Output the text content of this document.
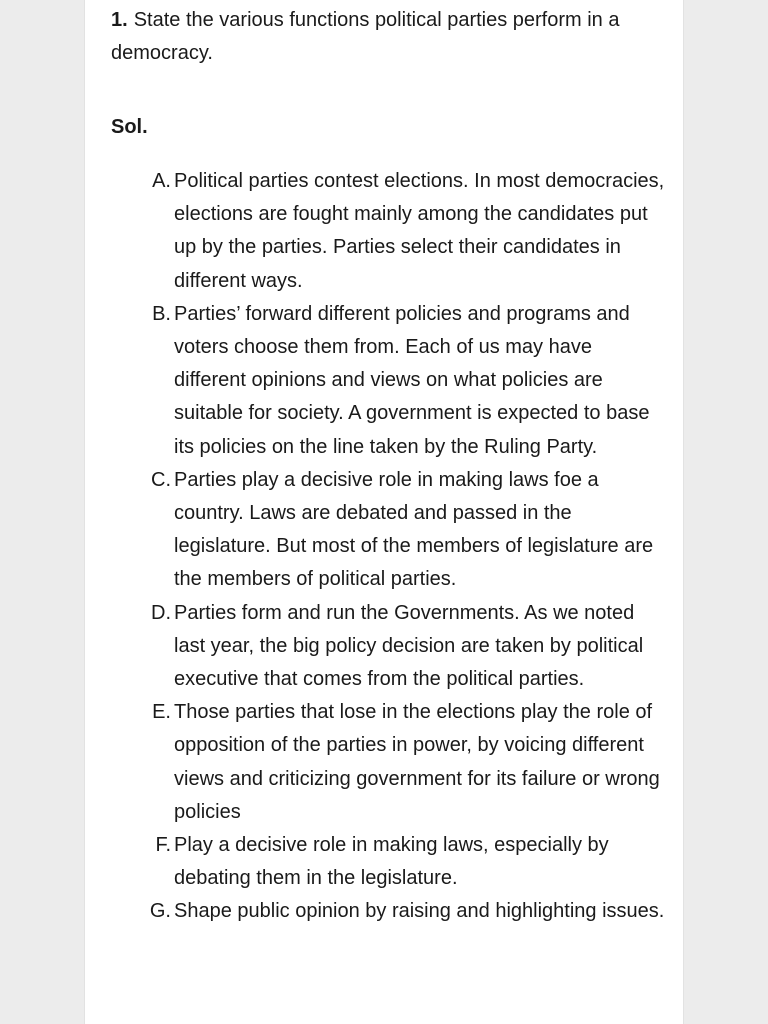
1. State the various functions political parties perform in a democracy.
Sol.
A. Political parties contest elections. In most democracies, elections are fought mainly among the candidates put up by the parties. Parties select their candidates in different ways.
B. Parties’ forward different policies and programs and voters choose them from. Each of us may have different opinions and views on what policies are suitable for society. A government is expected to base its policies on the line taken by the Ruling Party.
C. Parties play a decisive role in making laws foe a country. Laws are debated and passed in the legislature. But most of the members of legislature are the members of political parties.
D. Parties form and run the Governments. As we noted last year, the big policy decision are taken by political executive that comes from the political parties.
E. Those parties that lose in the elections play the role of opposition of the parties in power, by voicing different views and criticizing government for its failure or wrong policies
F. Play a decisive role in making laws, especially by debating them in the legislature.
G. Shape public opinion by raising and highlighting issues.
